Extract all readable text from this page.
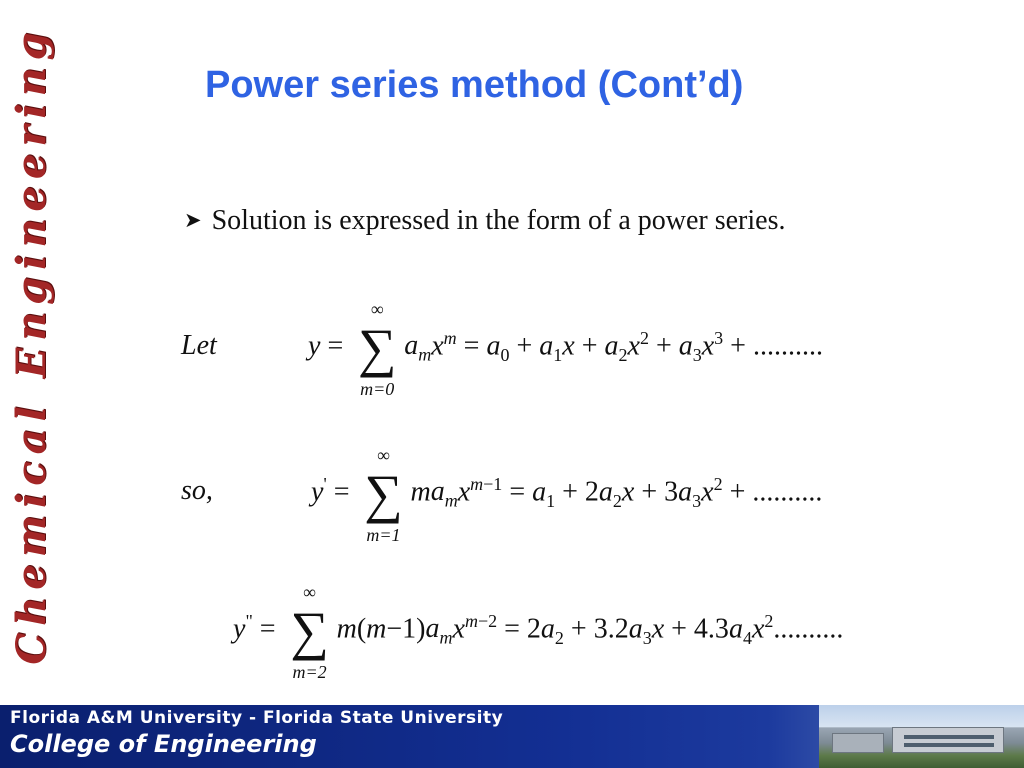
Chemical Engineering	Power series method (Cont’d)
➤ Solution is expressed in the form of a power series.
Let	y =
∞
∑
m=0
$a_mx^m = a_0 + a_1x + a_2x^2 + a_3x^3$ + ..........
so,	y' =
∞
∑
m=1
$ma_mx^{m-1} = a_1 + 2a_2x + 3a_3x^2$ + ..........
y" =
∞
∑
m=2
$m(m-1)a_mx^{m-2} = 2a_2 + 3.2a_3x + 4.3a_4x^2$..........
Florida A&M University - Florida State University
College of Engineering
